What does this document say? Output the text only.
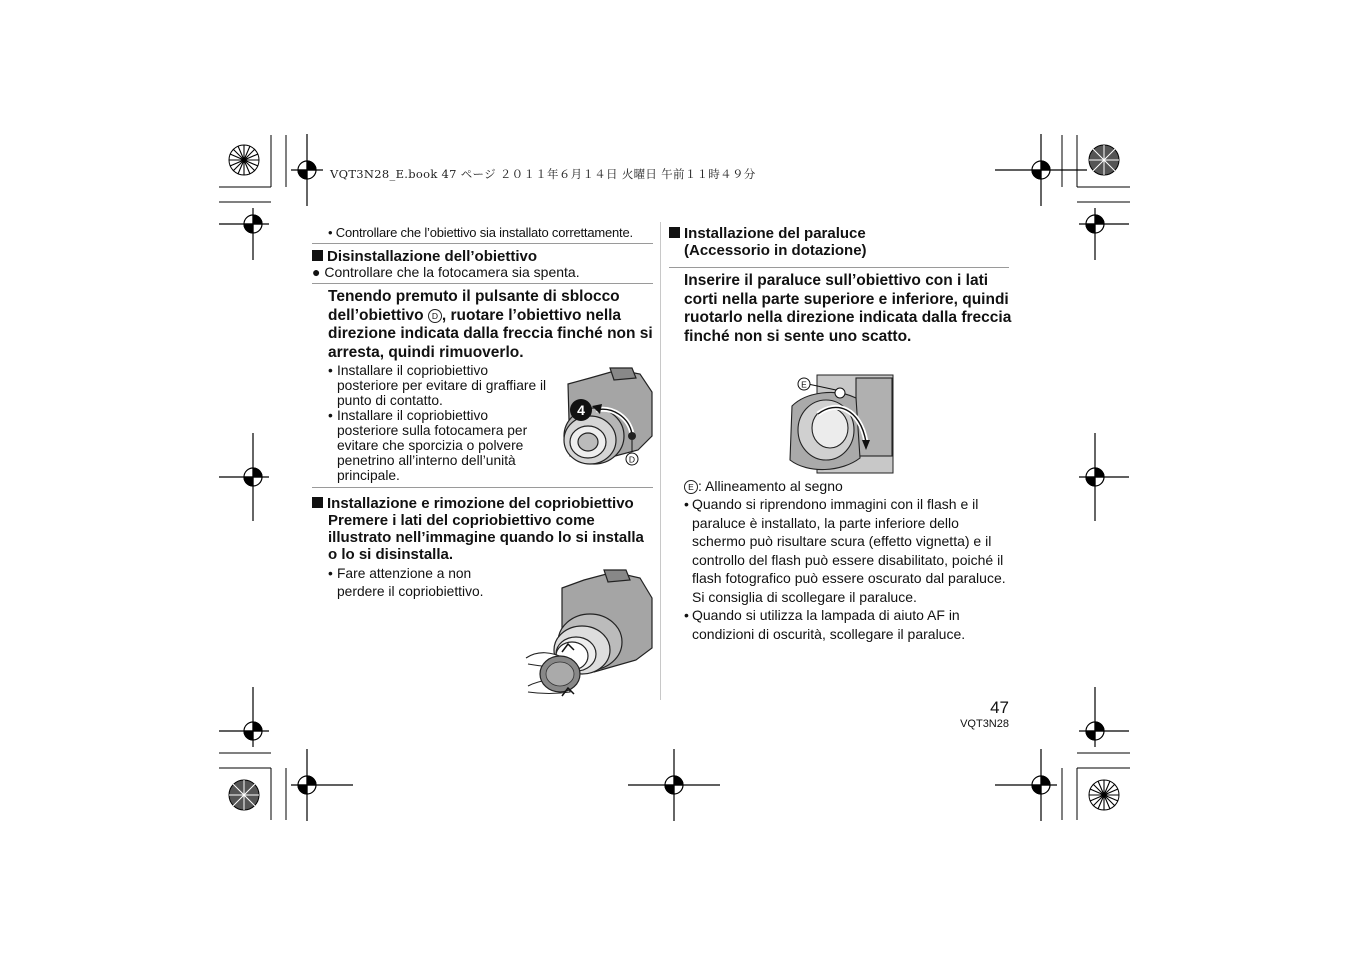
VQT3N28_E.book 47 ページ ２０１１年６月１４日 火曜日 午前１１時４９分
• Controllare che l’obiettivo sia installato correttamente.
Disinstallazione dell’obiettivo
● Controllare che la fotocamera sia spenta.
Tenendo premuto il pulsante di sblocco dell’obiettivo D , ruotare l’obiettivo nella direzione indicata dalla freccia finché non si arresta, quindi rimuoverlo.
• Installare il copriobiettivo posteriore per evitare di graffiare il punto di contatto.
• Installare il copriobiettivo posteriore sulla fotocamera per evitare che sporcizia o polvere penetrino all’interno dell’unità principale.
4
D
Installazione e rimozione del copriobiettivo
Premere i lati del copriobiettivo come illustrato nell’immagine quando lo si installa o lo si disinstalla.
• Fare attenzione a non perdere il copriobiettivo.
Installazione del paraluce
(Accessorio in dotazione)
Inserire il paraluce sull’obiettivo con i lati corti nella parte superiore e inferiore, quindi ruotarlo nella direzione indicata dalla freccia finché non si sente uno scatto.
E
E : Allineamento al segno
• Quando si riprendono immagini con il flash e il paraluce è installato, la parte inferiore dello schermo può risultare scura (effetto vignetta) e il controllo del flash può essere disabilitato, poiché il flash fotografico può essere oscurato dal paraluce. Si consiglia di scollegare il paraluce.
• Quando si utilizza la lampada di aiuto AF in condizioni di oscurità, scollegare il paraluce.
47
VQT3N28
